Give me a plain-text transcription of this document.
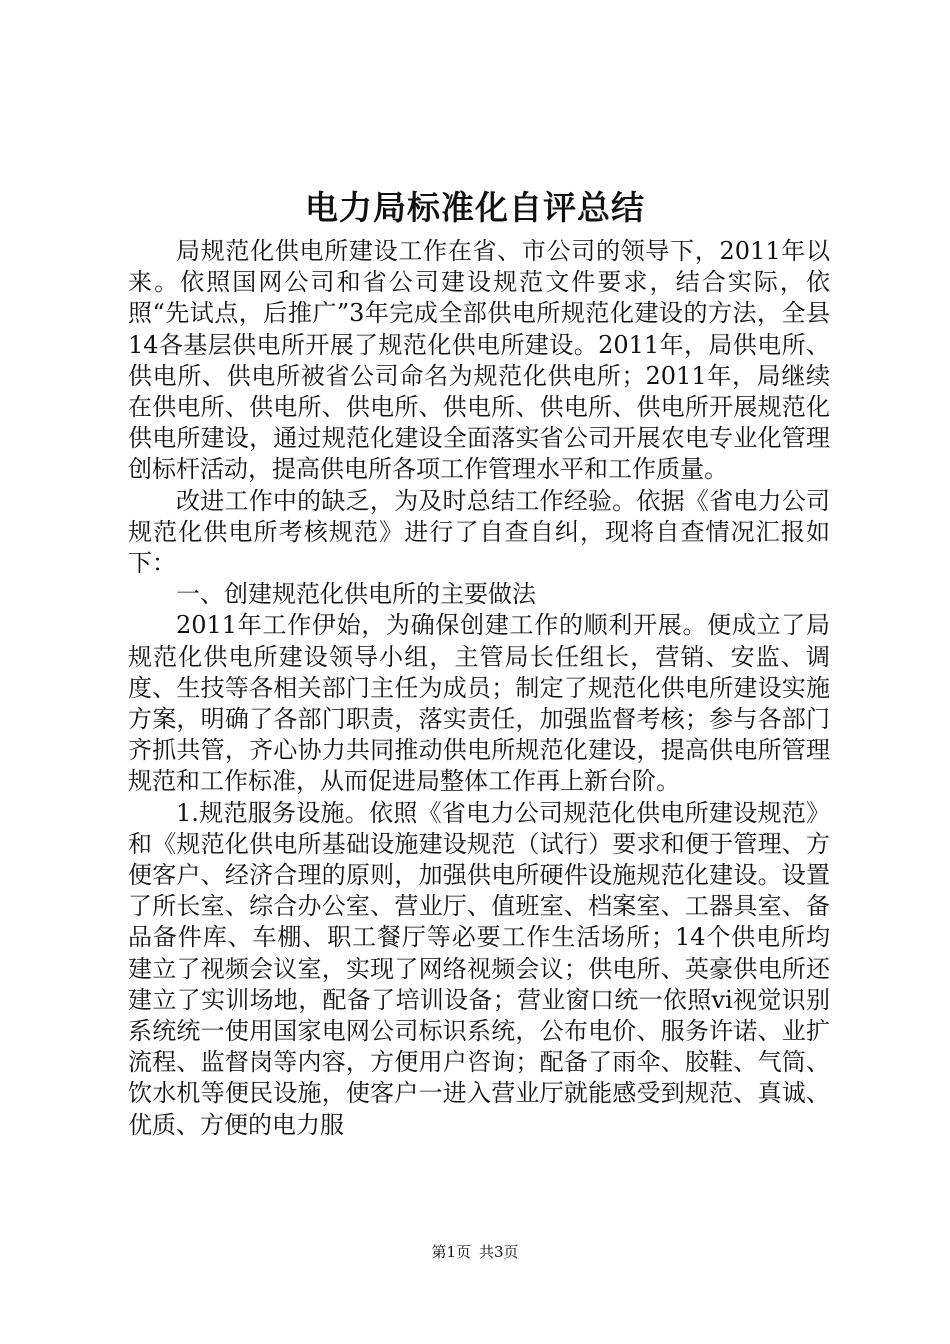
电力局标准化自评总结

局规范化供电所建设工作在省、市公司的领导下，2011年以来。依照国网公司和省公司建设规范文件要求，结合实际，依照“先试点，后推广”3年完成全部供电所规范化建设的方法，全县14各基层供电所开展了规范化供电所建设。2011年，局供电所、供电所、供电所被省公司命名为规范化供电所；2011年，局继续在供电所、供电所、供电所、供电所、供电所、供电所开展规范化供电所建设，通过规范化建设全面落实省公司开展农电专业化管理创标杆活动，提高供电所各项工作管理水平和工作质量。

改进工作中的缺乏，为及时总结工作经验。依据《省电力公司规范化供电所考核规范》进行了自查自纠，现将自查情况汇报如下：

一、创建规范化供电所的主要做法

2011年工作伊始，为确保创建工作的顺利开展。便成立了局规范化供电所建设领导小组，主管局长任组长，营销、安监、调度、生技等各相关部门主任为成员；制定了规范化供电所建设实施方案，明确了各部门职责，落实责任，加强监督考核；参与各部门齐抓共管，齐心协力共同推动供电所规范化建设，提高供电所管理规范和工作标准，从而促进局整体工作再上新台阶。

1.规范服务设施。依照《省电力公司规范化供电所建设规范》和《规范化供电所基础设施建设规范（试行）要求和便于管理、方便客户、经济合理的原则，加强供电所硬件设施规范化建设。设置了所长室、综合办公室、营业厅、值班室、档案室、工器具室、备品备件库、车棚、职工餐厅等必要工作生活场所；14个供电所均建立了视频会议室，实现了网络视频会议；供电所、英豪供电所还建立了实训场地，配备了培训设备；营业窗口统一依照vi视觉识别系统统一使用国家电网公司标识系统，公布电价、服务许诺、业扩流程、监督岗等内容，方便用户咨询；配备了雨伞、胶鞋、气筒、饮水机等便民设施，使客户一进入营业厅就能感受到规范、真诚、优质、方便的电力服

第1页 共3页
